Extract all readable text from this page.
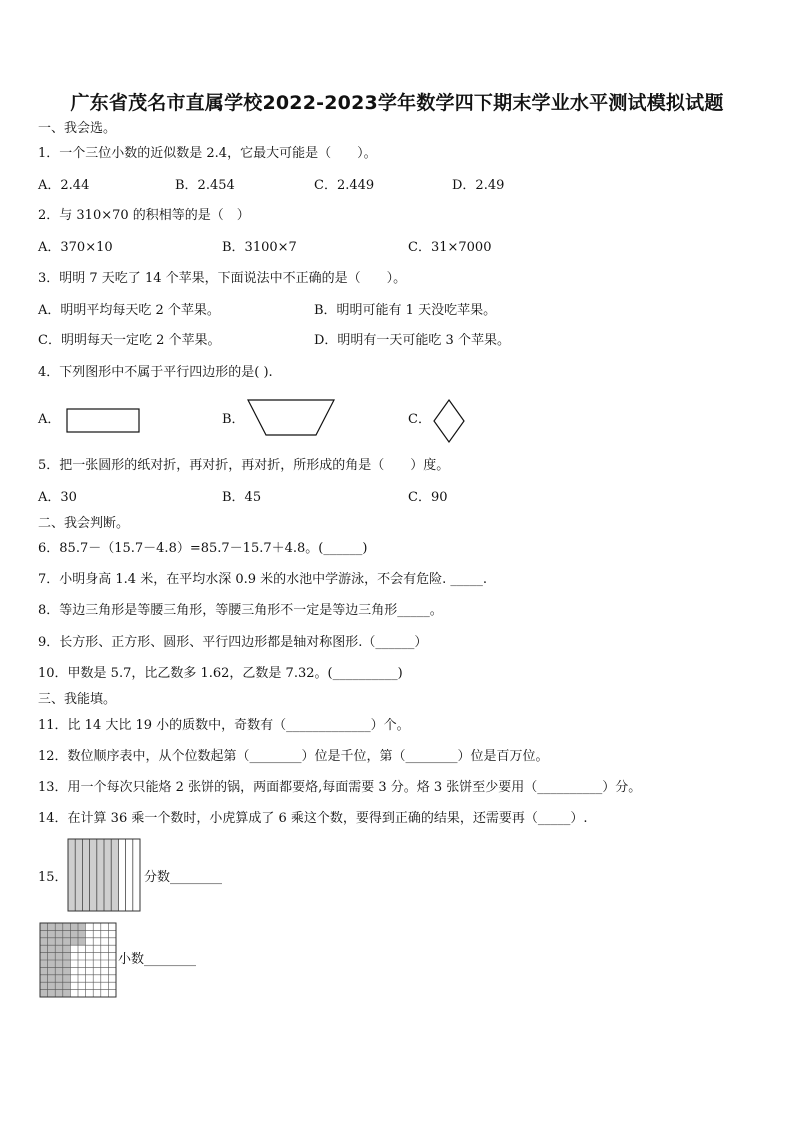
广东省茂名市直属学校2022-2023学年数学四下期末学业水平测试模拟试题
一、我会选。
1．一个三位小数的近似数是 2.4，它最大可能是（　　）。
A．2.44	B．2.454	C．2.449	D．2.49
2．与 310×70 的积相等的是（　）
A．370×10	B．3100×7	C．31×7000
3．明明 7 天吃了 14 个苹果，下面说法中不正确的是（　　）。
A．明明平均每天吃 2 个苹果。	B．明明可能有 1 天没吃苹果。
C．明明每天一定吃 2 个苹果。	D．明明有一天可能吃 3 个苹果。
4．下列图形中不属于平行四边形的是( ).
A．	B．	C．
5．把一张圆形的纸对折，再对折，再对折，所形成的角是（　　）度。
A．30	B．45	C．90
二、我会判断。
6．85.7－（15.7－4.8）=85.7－15.7＋4.8。(______)
7．小明身高 1.4 米，在平均水深 0.9 米的水池中学游泳，不会有危险. _____.
8．等边三角形是等腰三角形，等腰三角形不一定是等边三角形_____。
9．长方形、正方形、圆形、平行四边形都是轴对称图形.（______）
10．甲数是 5.7，比乙数多 1.62，乙数是 7.32。(__________)
三、我能填。
11．比 14 大比 19 小的质数中，奇数有（_____________）个。
12．数位顺序表中，从个位数起第（________）位是千位，第（________）位是百万位。
13．用一个每次只能烙 2 张饼的锅，两面都要烙,每面需要 3 分。烙 3 张饼至少要用（__________）分。
14．在计算 36 乘一个数时，小虎算成了 6 乘这个数，要得到正确的结果，还需要再（_____）.
15．	分数________
小数________
